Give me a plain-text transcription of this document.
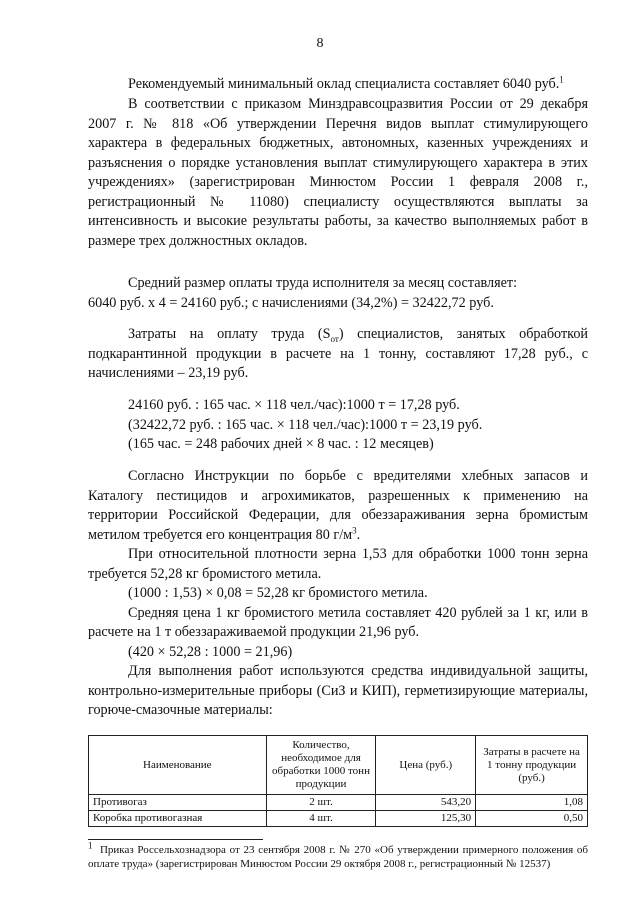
8
Рекомендуемый минимальный оклад специалиста составляет 6040 руб.$^1$
В соответствии с приказом Минздравсоцразвития России от 29 декабря 2007 г. № 818 «Об утверждении Перечня видов выплат стимулирующего характера в федеральных бюджетных, автономных, казенных учреждениях и разъяснения о порядке установления выплат стимулирующего характера в этих учреждениях» (зарегистрирован Минюстом России 1 февраля 2008 г., регистрационный № 11080) специалисту осуществляются выплаты за интенсивность и высокие результаты работы, за качество выполняемых работ в размере трех должностных окладов.
Средний размер оплаты труда исполнителя за месяц составляет:
6040 руб. х 4 = 24160 руб.; с начислениями (34,2%) = 32422,72 руб.
Затраты на оплату труда $(S_{от})$ специалистов, занятых обработкой подкарантинной продукции в расчете на 1 тонну, составляют 17,28 руб., с начислениями – 23,19 руб.
24160 руб. : 165 час. × 118 чел./час):1000 т = 17,28 руб.
(32422,72 руб. : 165 час. × 118 чел./час):1000 т = 23,19 руб.
(165 час. = 248 рабочих дней × 8 час. : 12 месяцев)
Согласно Инструкции по борьбе с вредителями хлебных запасов и Каталогу пестицидов и агрохимикатов, разрешенных к применению на территории Российской Федерации, для обеззараживания зерна бромистым метилом требуется его концентрация 80 $г/м^3$.
При относительной плотности зерна 1,53 для обработки 1000 тонн зерна требуется 52,28 кг бромистого метила.
(1000 : 1,53) × 0,08 = 52,28 кг бромистого метила.
Средняя цена 1 кг бромистого метила составляет 420 рублей за 1 кг, или в расчете на 1 т обеззараживаемой продукции 21,96 руб.
(420 × 52,28 : 1000 = 21,96)
Для выполнения работ используются средства индивидуальной защиты, контрольно-измерительные приборы (СиЗ и КИП), герметизирующие материалы, горюче-смазочные материалы:
Наименование	Количество, необходимое для обработки 1000 тонн продукции	Цена (руб.)	Затраты в расчете на 1 тонну продукции (руб.)
Противогаз	2 шт.	543,20	1,08
Коробка противогазная	4 шт.	125,30	0,50
$^1$ Приказ Россельхознадзора от 23 сентября 2008 г. № 270 «Об утверждении примерного положения об оплате труда» (зарегистрирован Минюстом России 29 октября 2008 г., регистрационный № 12537)
